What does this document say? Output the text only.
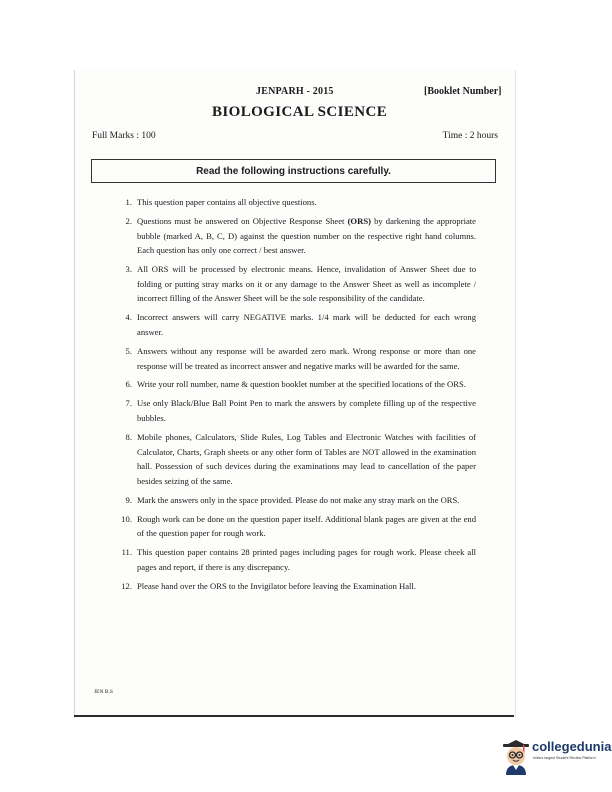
JENPARH - 2015	[Booklet Number]
BIOLOGICAL SCIENCE
Full Marks : 100	Time : 2 hours
Read the following instructions carefully.
1. This question paper contains all objective questions.
2. Questions must be answered on Objective Response Sheet (ORS) by darkening the appropriate bubble (marked A, B, C, D) against the question number on the respective right hand columns. Each question has only one correct / best answer.
3. All ORS will be processed by electronic means. Hence, invalidation of Answer Sheet due to folding or putting stray marks on it or any damage to the Answer Sheet as well as incomplete / incorrect filling of the Answer Sheet will be the sole responsibility of the candidate.
4. Incorrect answers will carry NEGATIVE marks. 1/4 mark will be deducted for each wrong answer.
5. Answers without any response will be awarded zero mark. Wrong response or more than one response will be treated as incorrect answer and negative marks will be awarded for the same.
6. Write your roll number, name & question booklet number at the specified locations of the ORS.
7. Use only Black/Blue Ball Point Pen to mark the answers by complete filling up of the respective bubbles.
8. Mobile phones, Calculators, Slide Rules, Log Tables and Electronic Watches with facilities of Calculator, Charts, Graph sheets or any other form of Tables are NOT allowed in the examination hall. Possession of such devices during the examinations may lead to cancellation of the paper besides seizing of the same.
9. Mark the answers only in the space provided. Please do not make any stray mark on the ORS.
10. Rough work can be done on the question paper itself. Additional blank pages are given at the end of the question paper for rough work.
11. This question paper contains 28 printed pages including pages for rough work. Please cheek all pages and report, if there is any discrepancy.
12. Please hand over the ORS to the Invigilator before leaving the Examination Hall.
JEN B.S
collegedunia
India's largest Student Review Platform
